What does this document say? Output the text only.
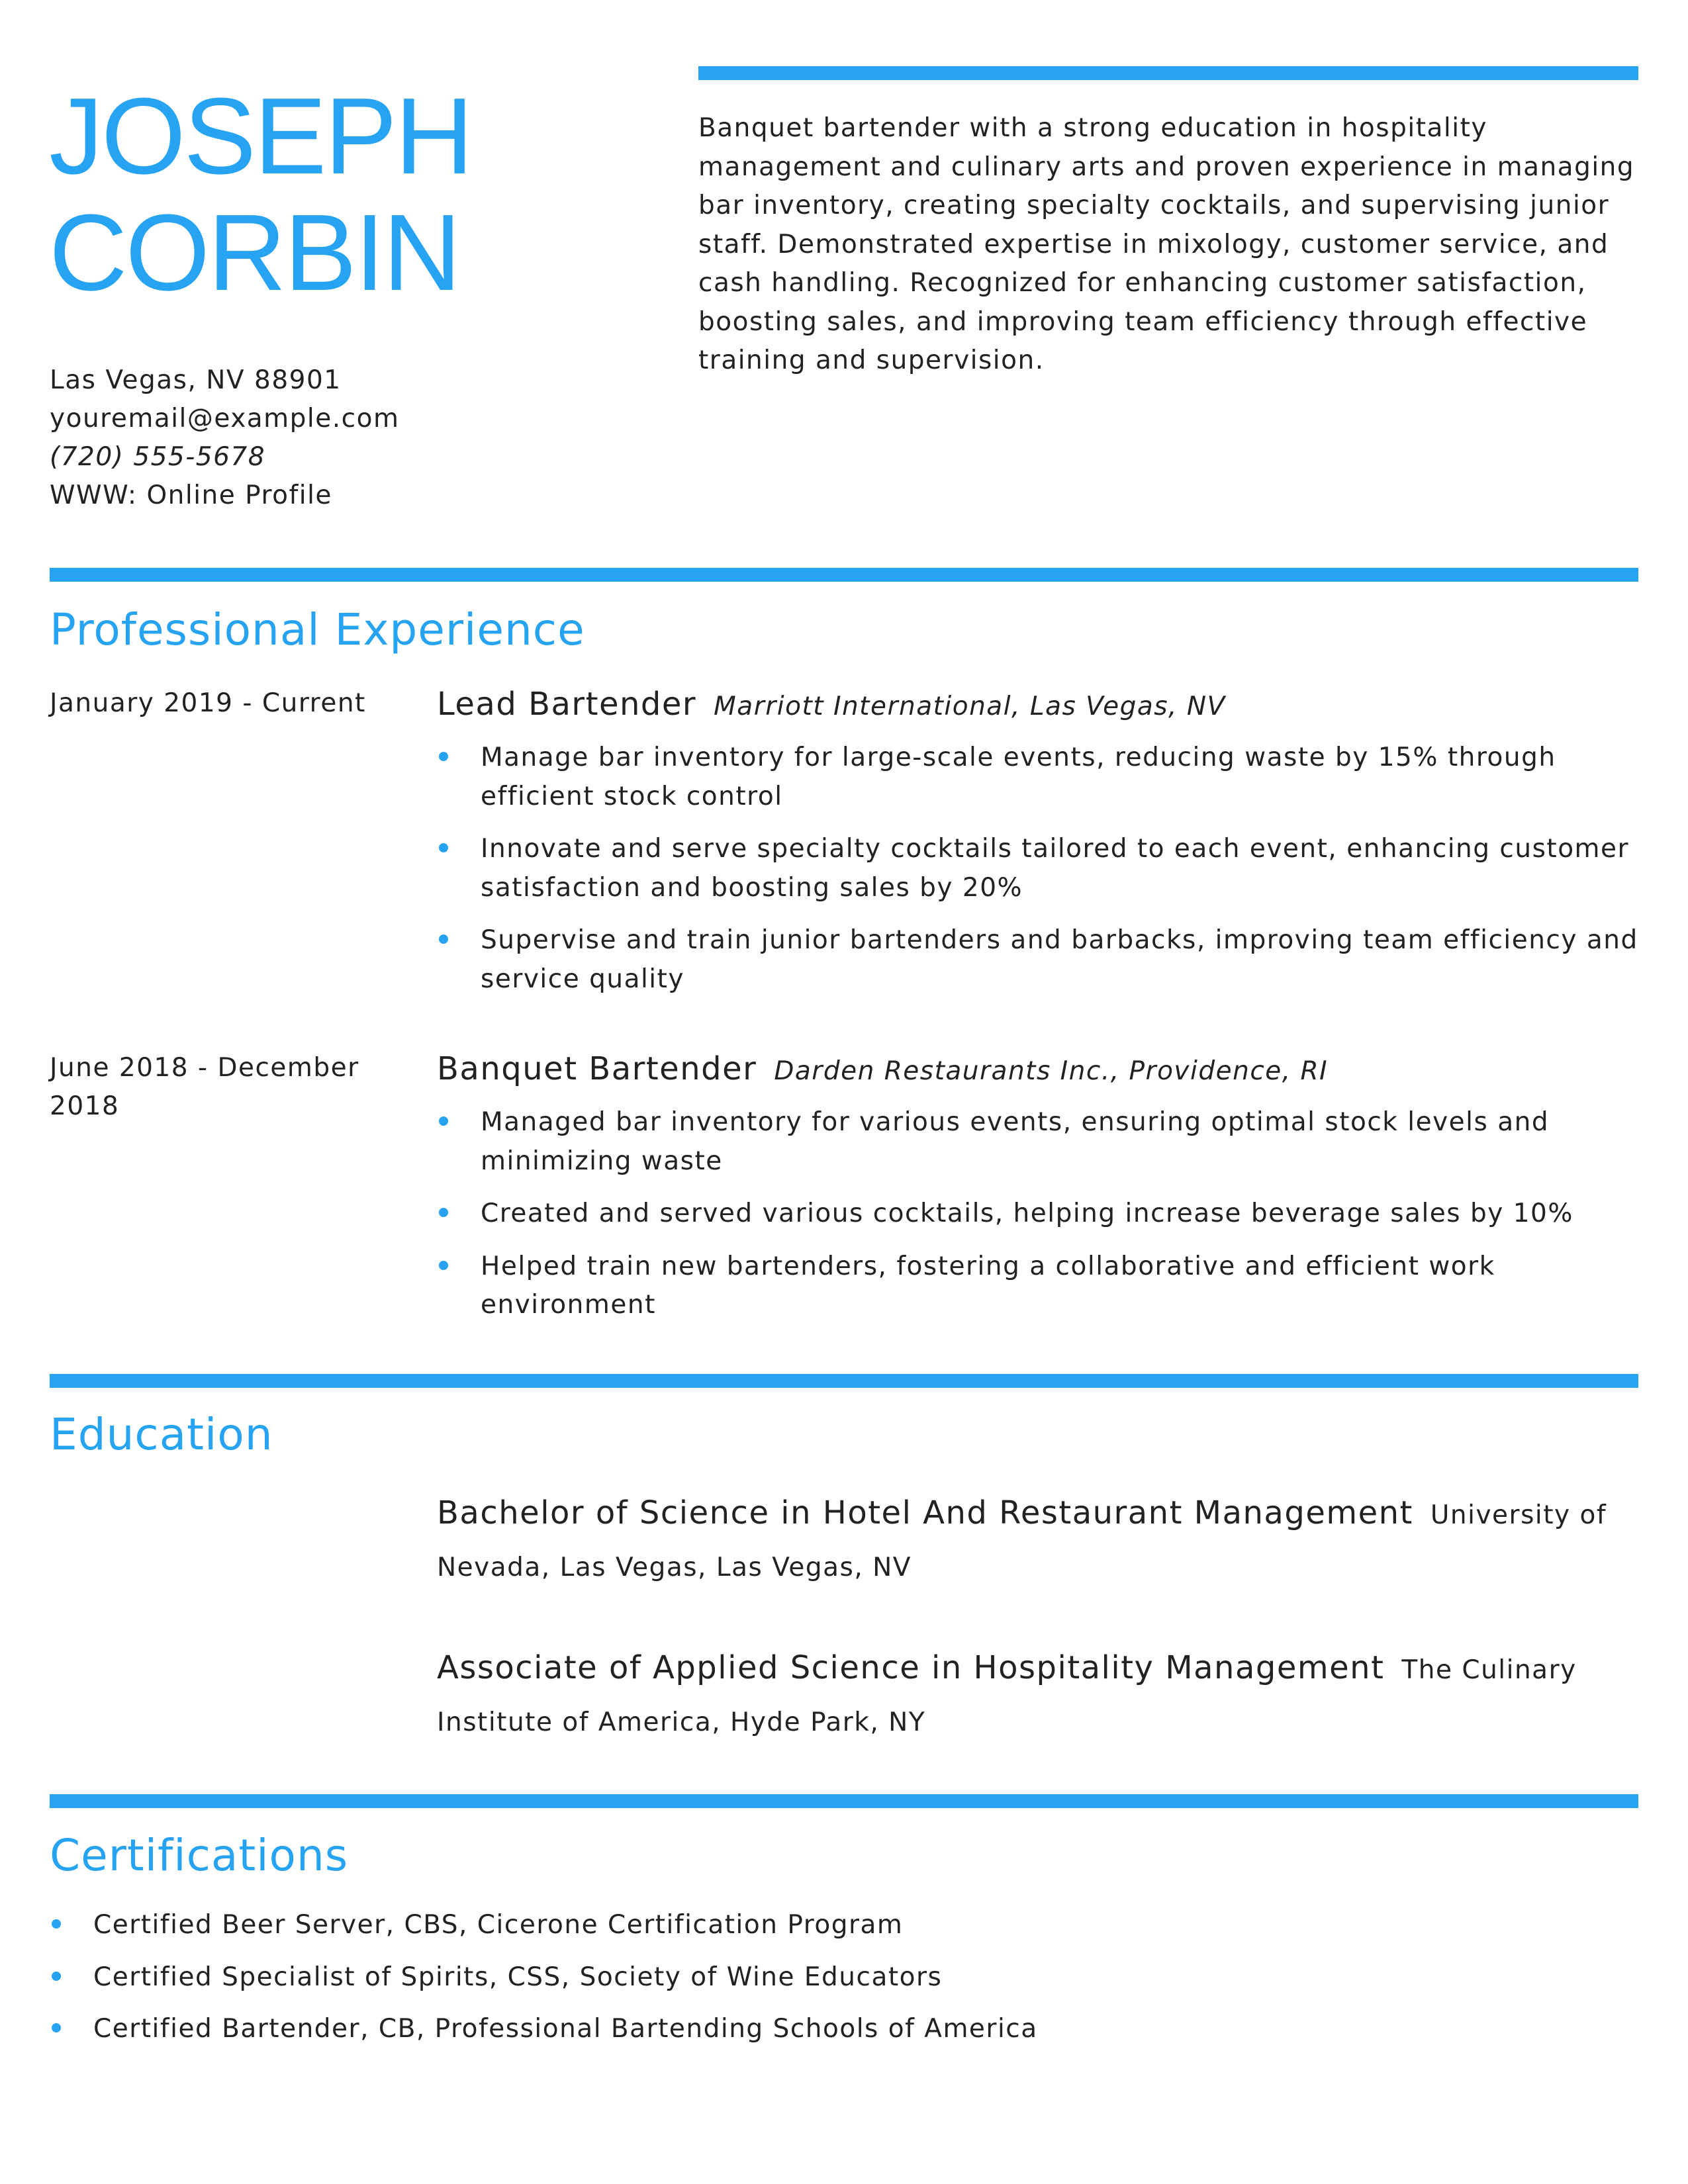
JOSEPH
CORBIN
Las Vegas, NV 88901
youremail@example.com
(720) 555-5678
WWW: Online Profile
Banquet bartender with a strong education in hospitality management and culinary arts and proven experience in managing bar inventory, creating specialty cocktails, and supervising junior staff. Demonstrated expertise in mixology, customer service, and cash handling. Recognized for enhancing customer satisfaction, boosting sales, and improving team efficiency through effective training and supervision.
Professional Experience
January 2019 - Current	Lead Bartender Marriott International, Las Vegas, NV
Manage bar inventory for large-scale events, reducing waste by 15% through efficient stock control
Innovate and serve specialty cocktails tailored to each event, enhancing customer satisfaction and boosting sales by 20%
Supervise and train junior bartenders and barbacks, improving team efficiency and service quality
June 2018 - December 2018
Banquet Bartender Darden Restaurants Inc., Providence, RI
Managed bar inventory for various events, ensuring optimal stock levels and minimizing waste
Created and served various cocktails, helping increase beverage sales by 10%
Helped train new bartenders, fostering a collaborative and efficient work environment
Education
Bachelor of Science in Hotel And Restaurant Management University of Nevada, Las Vegas, Las Vegas, NV
Associate of Applied Science in Hospitality Management The Culinary Institute of America, Hyde Park, NY
Certifications
Certified Beer Server, CBS, Cicerone Certification Program
Certified Specialist of Spirits, CSS, Society of Wine Educators
Certified Bartender, CB, Professional Bartending Schools of America
